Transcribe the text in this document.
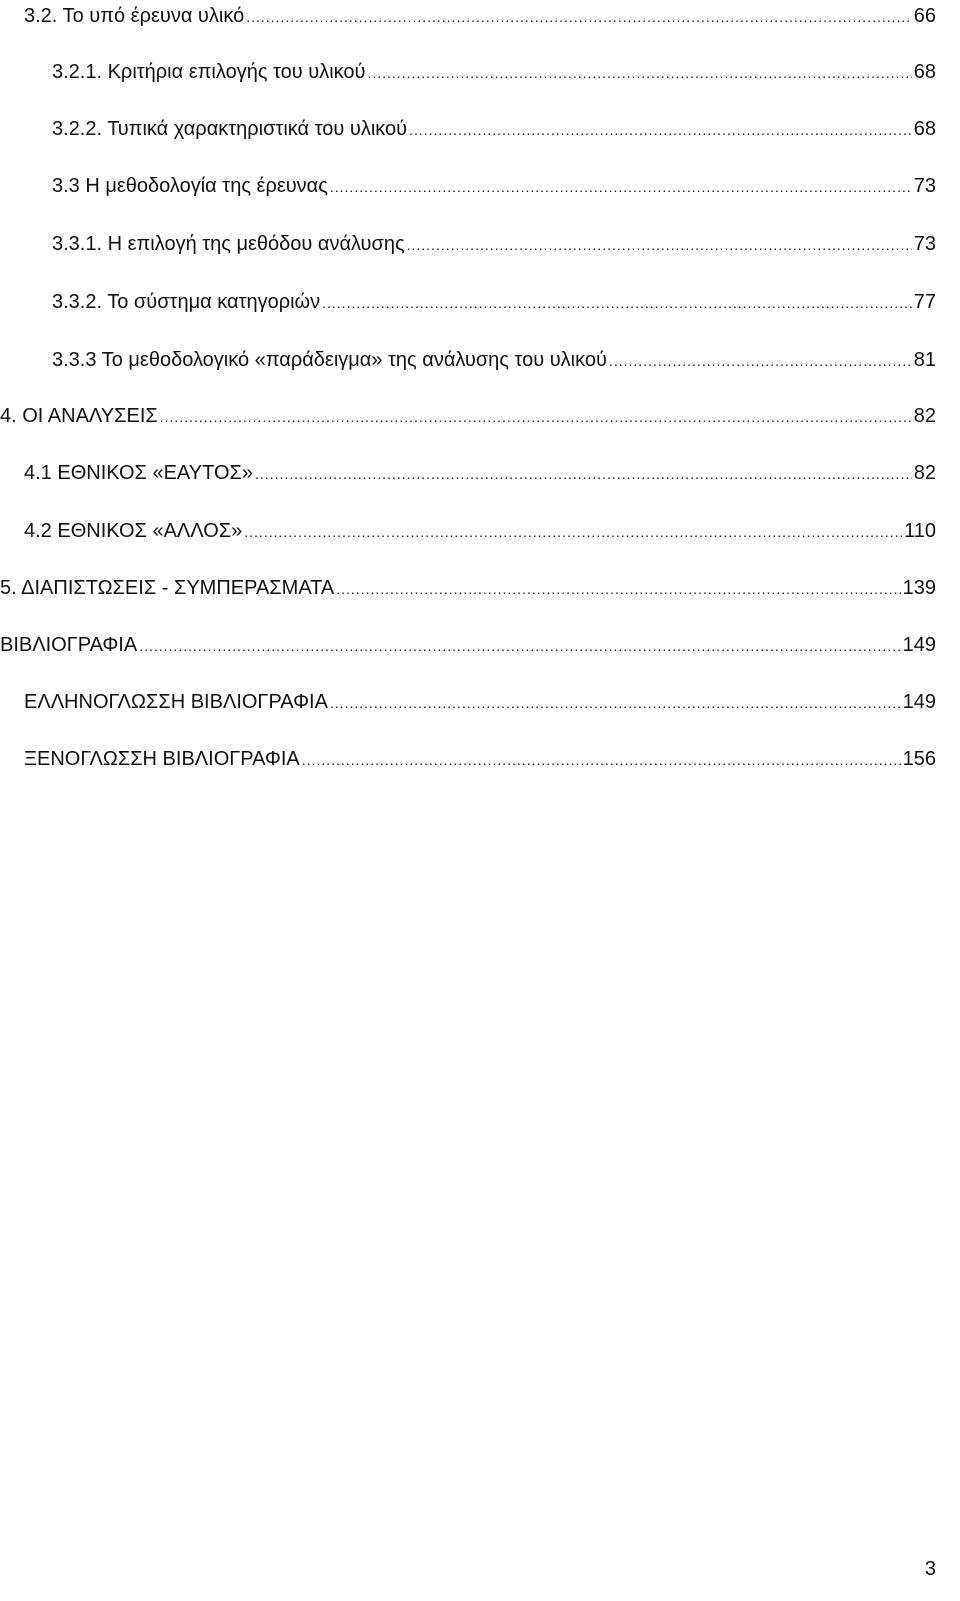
3.2. Το υπό έρευνα υλικό .....	66
3.2.1. Κριτήρια επιλογής του υλικού .....	68
3.2.2. Τυπικά χαρακτηριστικά του υλικού .....	68
3.3 Η μεθοδολογία της έρευνας .....	73
3.3.1. Η επιλογή της μεθόδου ανάλυσης .....	73
3.3.2. Το σύστημα κατηγοριών .....	77
3.3.3 Το μεθοδολογικό «παράδειγμα» της ανάλυσης του υλικού .....	81
4. ΟΙ ΑΝΑΛΥΣΕΙΣ .....	82
4.1 ΕΘΝΙΚΟΣ «ΕΑΥΤΟΣ» .....	82
4.2 ΕΘΝΙΚΟΣ «ΑΛΛΟΣ» .....	110
5. ΔΙΑΠΙΣΤΩΣΕΙΣ - ΣΥΜΠΕΡΑΣΜΑΤΑ .....	139
ΒΙΒΛΙΟΓΡΑΦΙΑ .....	149
ΕΛΛΗΝΟΓΛΩΣΣΗ ΒΙΒΛΙΟΓΡΑΦΙΑ .....	149
ΞΕΝΟΓΛΩΣΣΗ ΒΙΒΛΙΟΓΡΑΦΙΑ .....	156
3
